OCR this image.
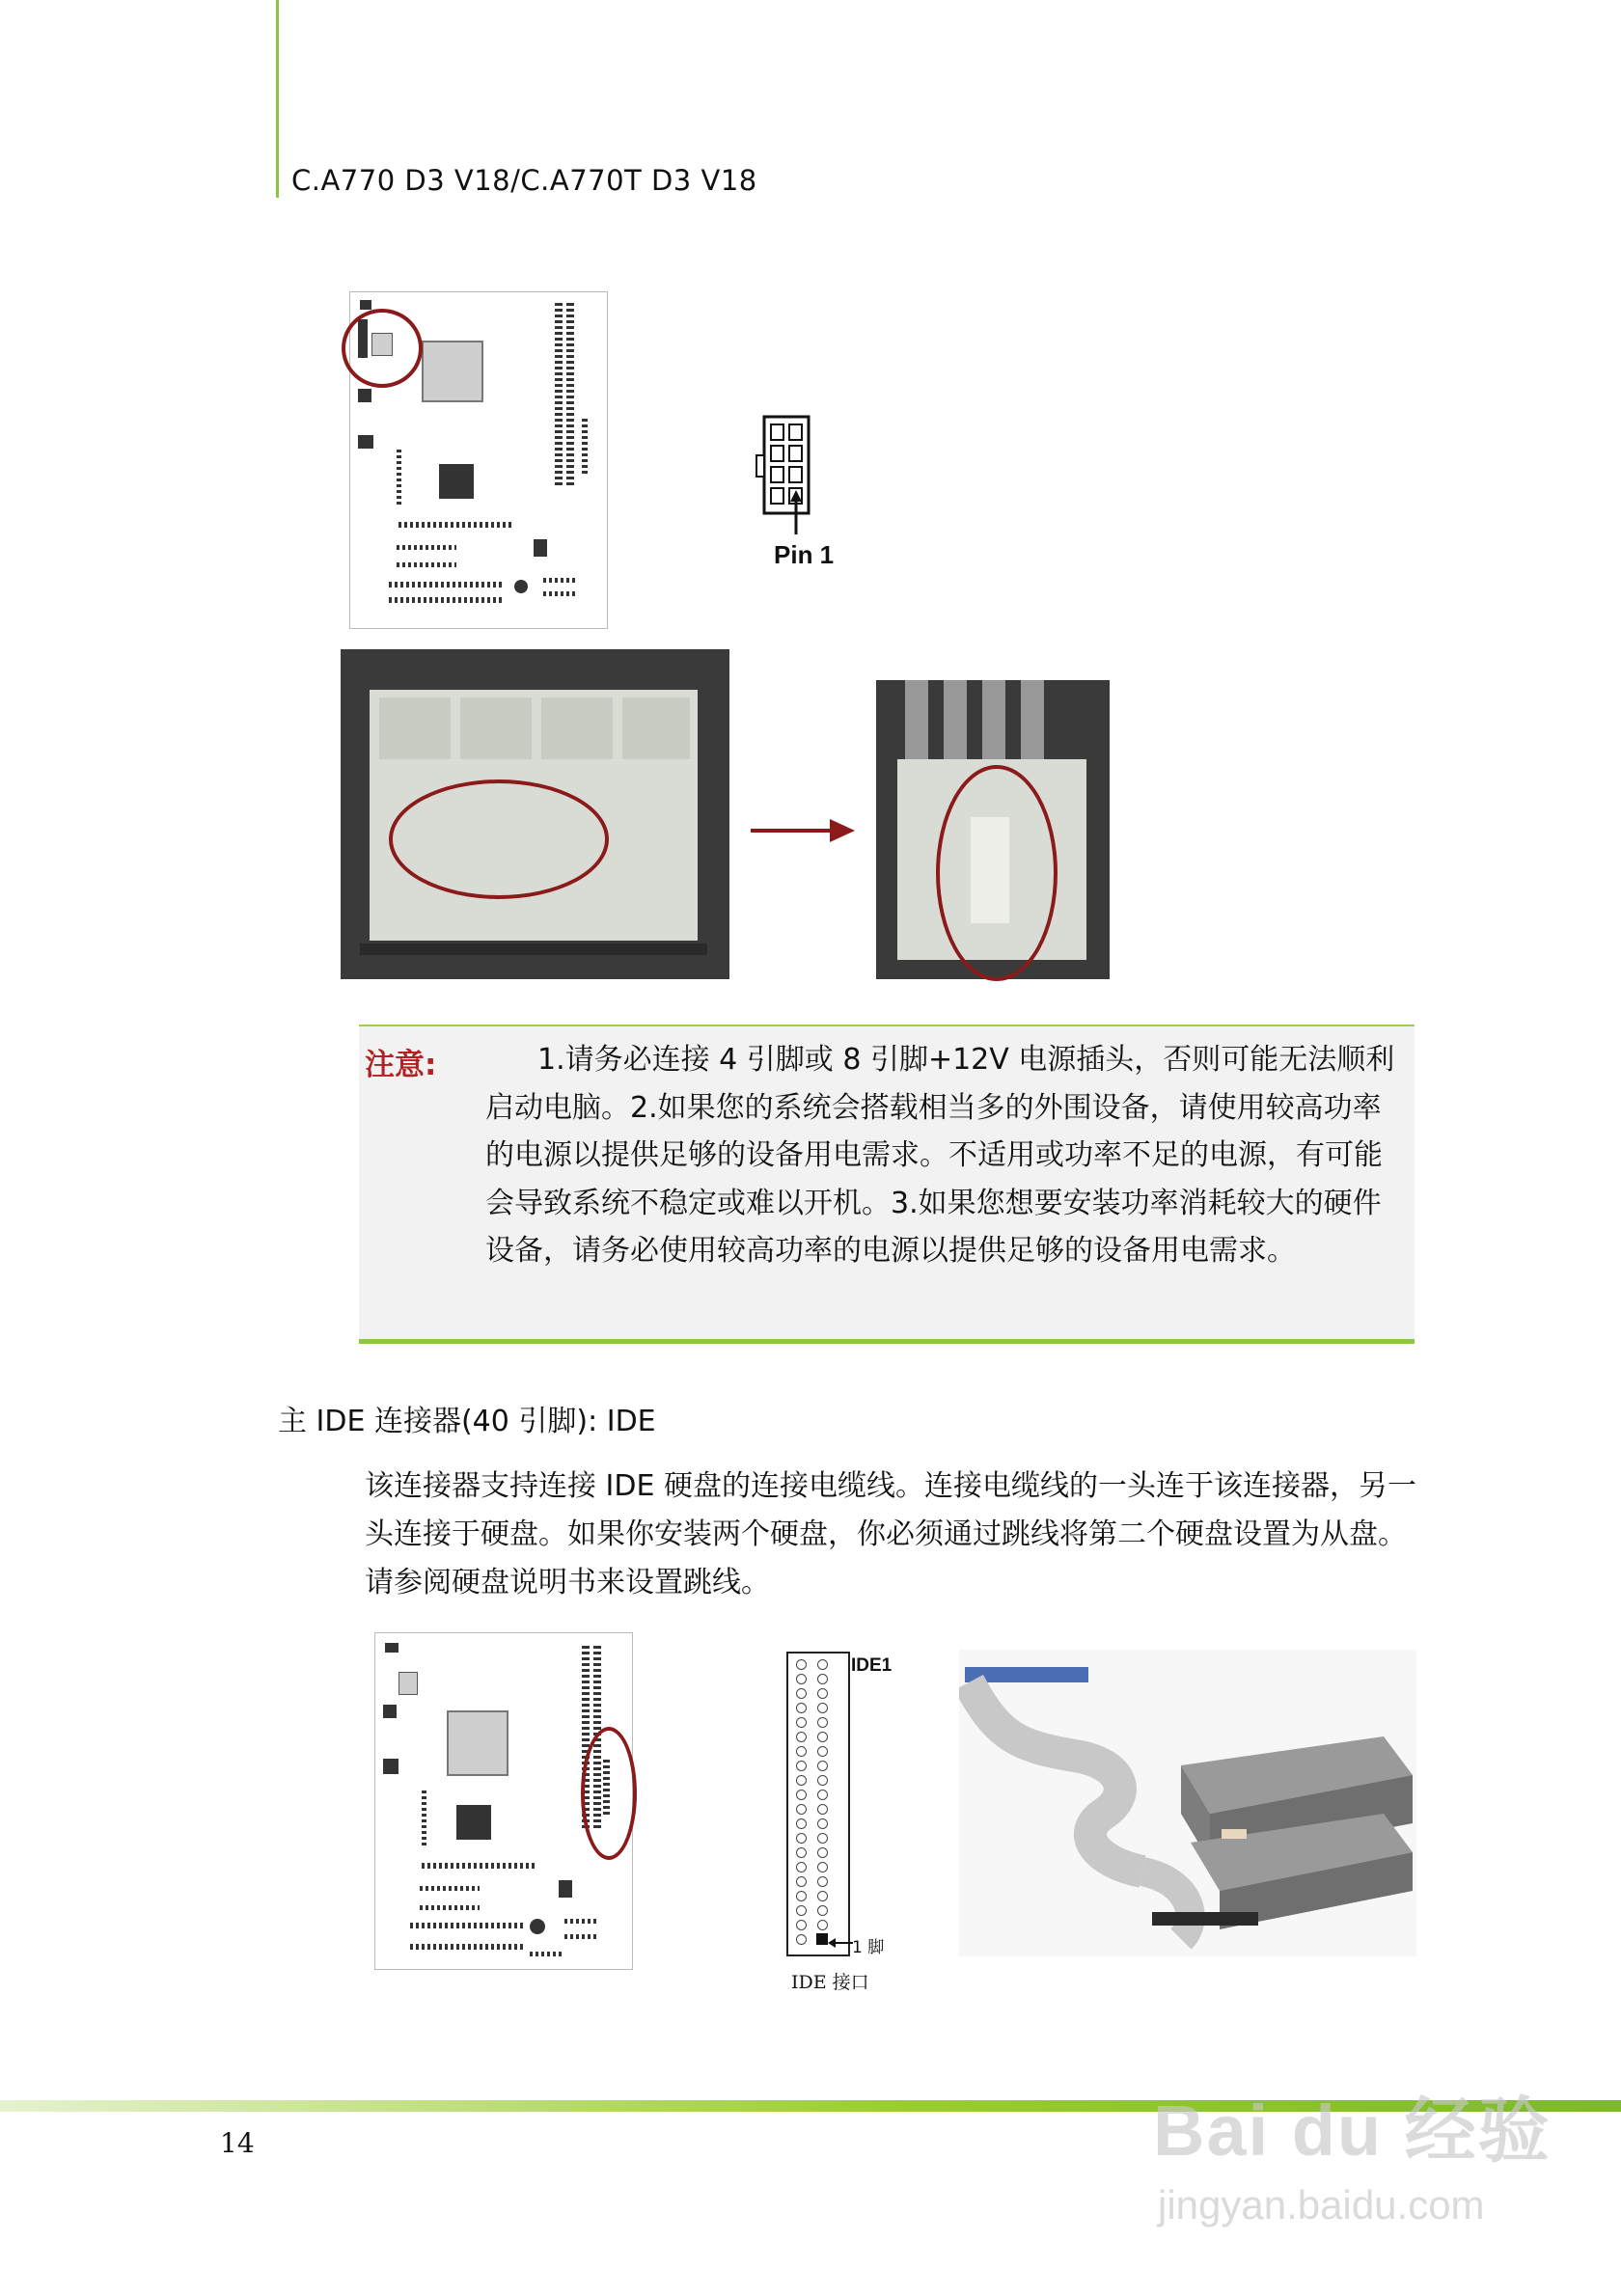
C.A770 D3 V18/C.A770T D3 V18
Pin 1
注意:	1.请务必连接 4 引脚或 8 引脚+12V 电源插头，否则可能无法顺利启动电脑。2.如果您的系统会搭载相当多的外围设备，请使用较高功率的电源以提供足够的设备用电需求。不适用或功率不足的电源，有可能会导致系统不稳定或难以开机。3.如果您想要安装功率消耗较大的硬件设备，请务必使用较高功率的电源以提供足够的设备用电需求。
主 IDE 连接器(40 引脚): IDE
该连接器支持连接 IDE 硬盘的连接电缆线。连接电缆线的一头连于该连接器，另一头连接于硬盘。如果你安装两个硬盘，你必须通过跳线将第二个硬盘设置为从盘。请参阅硬盘说明书来设置跳线。
IDE1
1 脚
IDE 接口
14	Bai du 经验
jingyan.baidu.com
